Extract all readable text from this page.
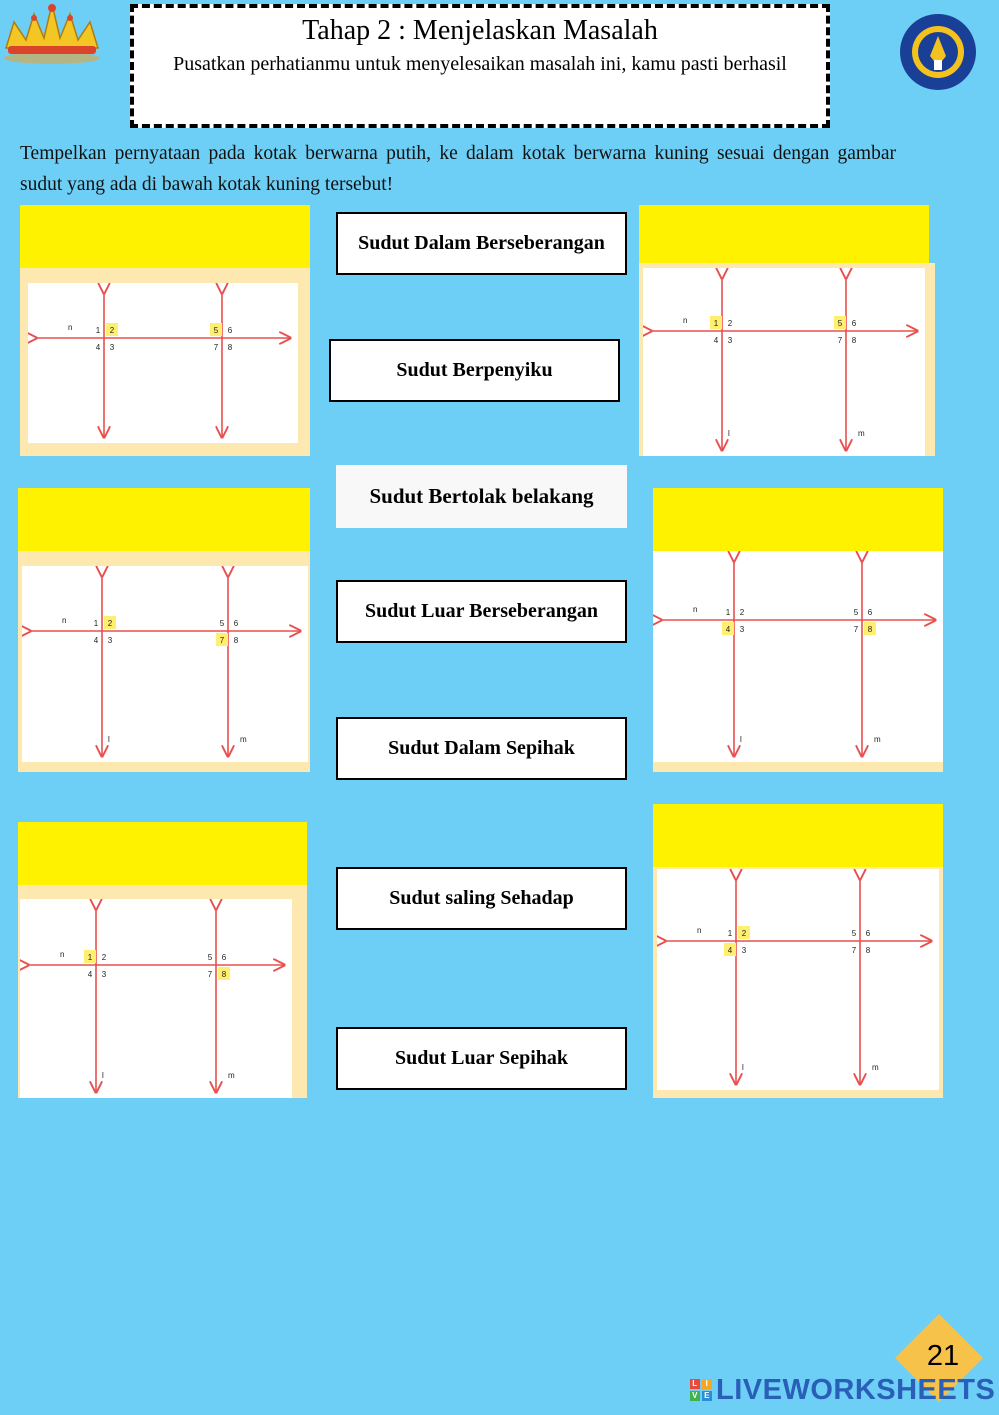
Tahap 2 : Menjelaskan Masalah
Pusatkan perhatianmu untuk menyelesaikan masalah ini, kamu pasti berhasil
Tempelkan pernyataan pada kotak berwarna putih, ke dalam kotak berwarna kuning sesuai dengan gambar sudut yang ada di bawah kotak kuning tersebut!
1 2
3
4
5 6
7 8
n	1 2
3
4
5 6
7 8
n
l	m
1 2
3
4
5 6
7 8
n
l	m
1 2
3
4
5 6
7 8
n
l	m
1 2
3
4
5 6
7 8
n
l	m
1 2
3
4
5 6
7 8
n
l	m
Sudut Dalam Berseberangan
Sudut Berpenyiku
Sudut Bertolak belakang
Sudut Luar Berseberangan
Sudut Dalam Sepihak
Sudut saling Sehadap
Sudut Luar Sepihak
21
L I
V E LIVEWORKSHEETS
